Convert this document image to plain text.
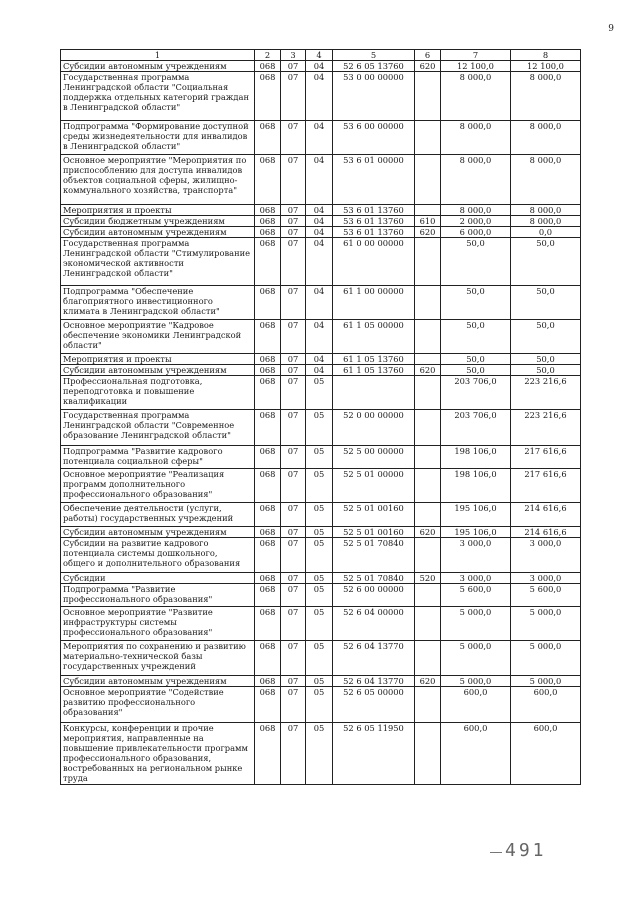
9
1	2	3	4	5	6	7	8
Субсидии автономным учреждениям	068	07	04	52 6 05 13760	620	12 100,0	12 100,0
Государственная программа Ленинградской области "Социальная поддержка отдельных категорий граждан в Ленинградской области"	068	07	04	53 0 00 00000		8 000,0	8 000,0
Подпрограмма "Формирование доступной среды жизнедеятельности для инвалидов в Ленинградской области"	068	07	04	53 6 00 00000		8 000,0	8 000,0
Основное мероприятие "Мероприятия по приспособлению для доступа инвалидов объектов социальной сферы, жилищно-коммунального хозяйства, транспорта"	068	07	04	53 6 01 00000		8 000,0	8 000,0
Мероприятия и проекты	068	07	04	53 6 01 13760		8 000,0	8 000,0
Субсидии бюджетным учреждениям	068	07	04	53 6 01 13760	610	2 000,0	8 000,0
Субсидии автономным учреждениям	068	07	04	53 6 01 13760	620	6 000,0	0,0
Государственная программа Ленинградской области "Стимулирование экономической активности Ленинградской области"	068	07	04	61 0 00 00000		50,0	50,0
Подпрограмма "Обеспечение благоприятного инвестиционного климата в Ленинградской области"	068	07	04	61 1 00 00000		50,0	50,0
Основное мероприятие "Кадровое обеспечение экономики Ленинградской области"	068	07	04	61 1 05 00000		50,0	50,0
Мероприятия и проекты	068	07	04	61 1 05 13760		50,0	50,0
Субсидии автономным учреждениям	068	07	04	61 1 05 13760	620	50,0	50,0
Профессиональная подготовка, переподготовка и повышение квалификации	068	07	05			203 706,0	223 216,6
Государственная программа Ленинградской области "Современное образование Ленинградской области"	068	07	05	52 0 00 00000		203 706,0	223 216,6
Подпрограмма "Развитие кадрового потенциала социальной сферы"	068	07	05	52 5 00 00000		198 106,0	217 616,6
Основное мероприятие "Реализация программ дополнительного профессионального образования"	068	07	05	52 5 01 00000		198 106,0	217 616,6
Обеспечение деятельности (услуги, работы) государственных учреждений	068	07	05	52 5 01 00160		195 106,0	214 616,6
Субсидии автономным учреждениям	068	07	05	52 5 01 00160	620	195 106,0	214 616,6
Субсидии на развитие кадрового потенциала системы дошкольного, общего и дополнительного образования	068	07	05	52 5 01 70840		3 000,0	3 000,0
Субсидии	068	07	05	52 5 01 70840	520	3 000,0	3 000,0
Подпрограмма "Развитие профессионального образования"	068	07	05	52 6 00 00000		5 600,0	5 600,0
Основное мероприятие "Развитие инфраструктуры системы профессионального образования"	068	07	05	52 6 04 00000		5 000,0	5 000,0
Мероприятия по сохранению и развитию материально-технической базы государственных учреждений	068	07	05	52 6 04 13770		5 000,0	5 000,0
Субсидии автономным учреждениям	068	07	05	52 6 04 13770	620	5 000,0	5 000,0
Основное мероприятие "Содействие развитию профессионального образования"	068	07	05	52 6 05 00000		600,0	600,0
Конкурсы, конференции и прочие мероприятия, направленные на повышение привлекательности программ профессионального образования, востребованных на региональном рынке труда	068	07	05	52 6 05 11950		600,0	600,0
491
